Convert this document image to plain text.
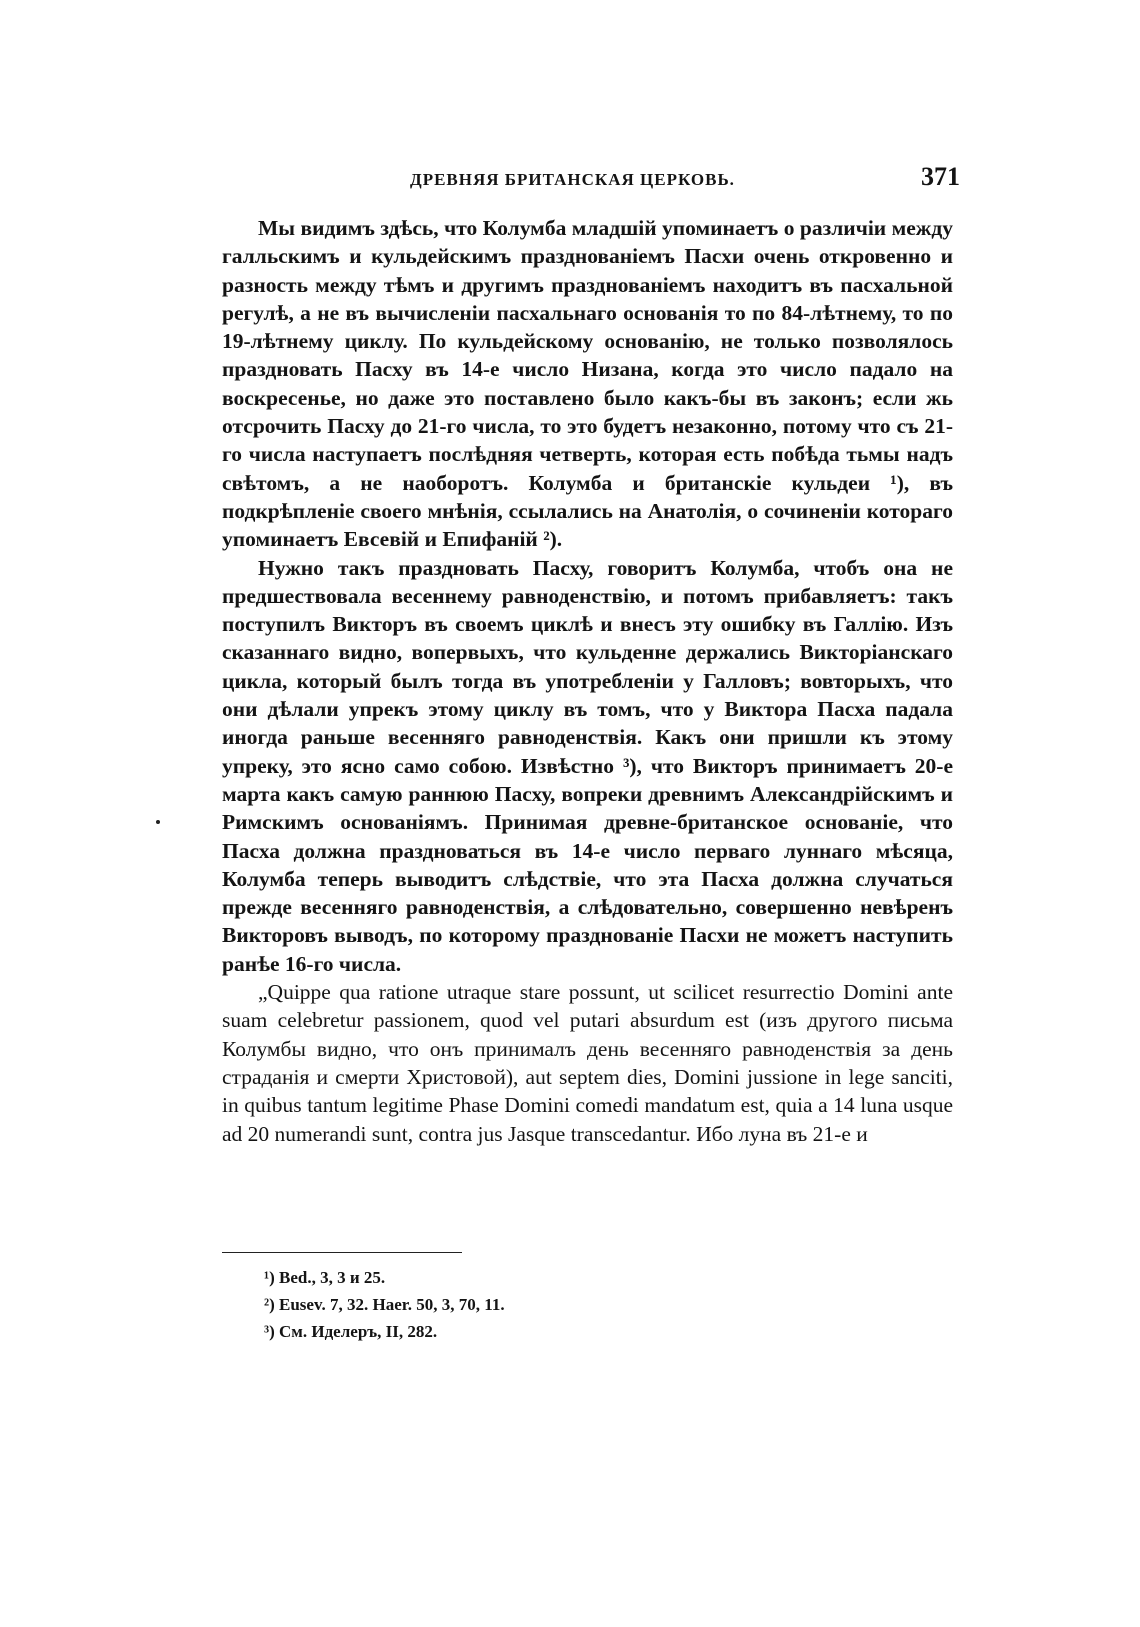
ДРЕВНЯЯ БРИТАНСКАЯ ЦЕРКОВЬ.	371

Мы видимъ здѣсь, что Колумба младшій упоминаетъ о различіи между галльскимъ и кульдейскимъ празднованіемъ Пасхи очень откровенно и разность между тѣмъ и другимъ празднованіемъ находитъ въ пасхальной регулѣ, а не въ вычисленіи пасхальнаго основанія то по 84-лѣтнему, то по 19-лѣтнему циклу. По кульдейскому основанію, не только позволялось праздновать Пасху въ 14-е число Низана, когда это число падало на воскресенье, но даже это поставлено было какъ-бы въ законъ; если жь отсрочить Пасху до 21-го числа, то это будетъ незаконно, потому что съ 21-го числа наступаетъ послѣдняя четверть, которая есть побѣда тьмы надъ свѣтомъ, а не наоборотъ. Колумба и британскіе кульдеи ¹), въ подкрѣпленіе своего мнѣнія, ссылались на Анатолія, о сочиненіи котораго упоминаетъ Евсевій и Епифаній ²).

Нужно такъ праздновать Пасху, говоритъ Колумба, чтобъ она не предшествовала весеннему равноденствію, и потомъ прибавляетъ: такъ поступилъ Викторъ въ своемъ циклѣ и внесъ эту ошибку въ Галлію. Изъ сказаннаго видно, вопервыхъ, что кульденне держались Викторіанскаго цикла, который былъ тогда въ употребленіи у Галловъ; вовторыхъ, что они дѣлали упрекъ этому циклу въ томъ, что у Виктора Пасха падала иногда раньше весенняго равноденствія. Какъ они пришли къ этому упреку, это ясно само собою. Извѣстно ³), что Викторъ принимаетъ 20-е марта какъ самую раннюю Пасху, вопреки древнимъ Александрійскимъ и Римскимъ основаніямъ. Принимая древне-британское основаніе, что Пасха должна праздноваться въ 14-е число перваго луннаго мѣсяца, Колумба теперь выводитъ слѣдствіе, что эта Пасха должна случаться прежде весенняго равноденствія, а слѣдовательно, совершенно невѣренъ Викторовъ выводъ, по которому празднованіе Пасхи не можетъ наступить ранѣе 16-го числа.

„Quippe qua ratione utraque stare possunt, ut scilicet resurrectio Domini ante suam celebretur passionem, quod vel putari absurdum est (изъ другого письма Колумбы видно, что онъ принималъ день весенняго равноденствія за день страданія и смерти Христовой), aut septem dies, Domini jussione in lege sanciti, in quibus tantum legitime Phase Domini comedi mandatum est, quia a 14 luna usque ad 20 numerandi sunt, contra jus Jasque transcedantur. Ибо луна въ 21-е и

¹) Bed., 3, 3 и 25.
²) Eusev. 7, 32. Haer. 50, 3, 70, 11.
³) См. Иделеръ, II, 282.
